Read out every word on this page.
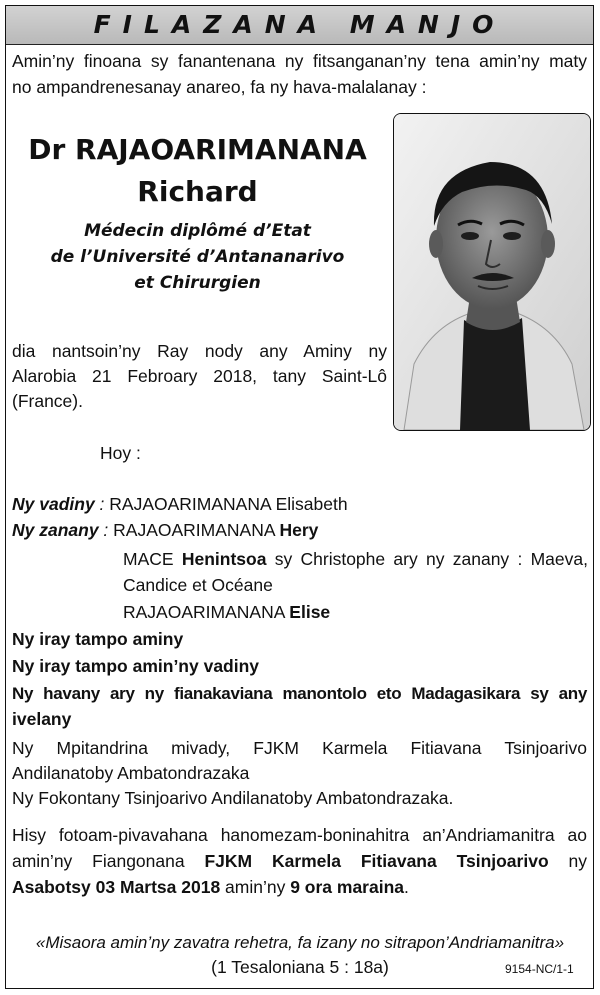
FILAZANA MANJO
Amin’ny finoana sy fanantenana ny fitsanganan’ny tena amin’ny maty
no ampandrenesanay anareo, fa ny hava-malalanay :
Dr RAJAOARIMANANA
Richard
Médecin diplômé d’Etat
de l’Université d’Antananarivo
et Chirurgien
dia nantsoin’ny Ray nody any Aminy ny
Alarobia 21 Febroary 2018, tany Saint-Lô
(France).
Hoy :
Ny vadiny : RAJAOARIMANANA Elisabeth
Ny zanany : RAJAOARIMANANA Hery
MACE Henintsoa sy Christophe ary ny zanany : Maeva,
Candice et Océane
RAJAOARIMANANA Elise
Ny iray tampo aminy
Ny iray tampo amin’ny vadiny
Ny havany ary ny fianakaviana manontolo eto Madagasikara sy any
ivelany
Ny Mpitandrina mivady, FJKM Karmela Fitiavana Tsinjoarivo
Andilanatoby Ambatondrazaka
Ny Fokontany Tsinjoarivo Andilanatoby Ambatondrazaka.
Hisy fotoam-pivavahana hanomezam-boninahitra an’Andriamanitra ao
amin’ny Fiangonana FJKM Karmela Fitiavana Tsinjoarivo ny
Asabotsy 03 Martsa 2018 amin’ny 9 ora maraina.
«Misaora amin’ny zavatra rehetra, fa izany no sitrapon’Andriamanitra»
(1 Tesaloniana 5 : 18a)	9154-NC/1-1
